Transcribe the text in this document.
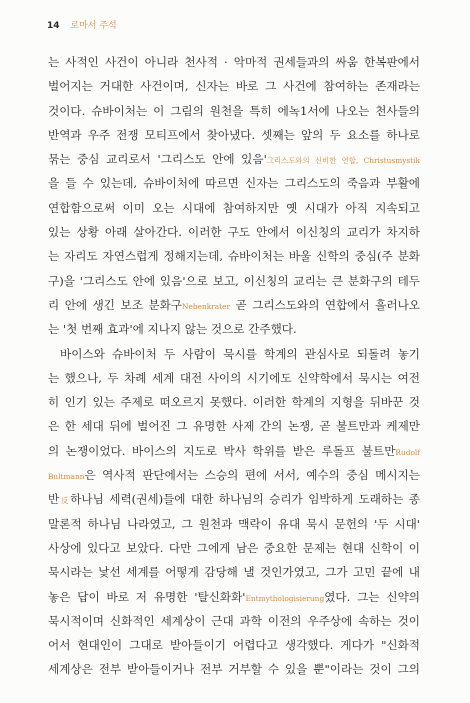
14 로마서 주석
는 사적인 사건이 아니라 천사적 · 악마적 권세들과의 싸움 한복판에서
벌어지는 거대한 사건이며, 신자는 바로 그 사건에 참여하는 존재라는
것이다. 슈바이처는 이 그림의 원천을 특히 에녹1서에 나오는 천사들의
반역과 우주 전쟁 모티프에서 찾아냈다. 셋째는 앞의 두 요소를 하나로
묶는 중심 교리로서 '그리스도 안에 있음'그리스도와의 신비한 연합, Christusmystik
을 들 수 있는데, 슈바이처에 따르면 신자는 그리스도의 죽음과 부활에
연합함으로써 이미 오는 시대에 참여하지만 옛 시대가 아직 지속되고
있는 상황 아래 살아간다. 이러한 구도 안에서 이신칭의 교리가 차지하
는 자리도 자연스럽게 정해지는데, 슈바이처는 바울 신학의 중심(주 분화
구)을 '그리스도 안에 있음'으로 보고, 이신칭의 교리는 큰 분화구의 테두
리 안에 생긴 보조 분화구Nebenkrater 곧 그리스도와의 연합에서 흘러나오
는 '첫 번째 효과'에 지나지 않는 것으로 간주했다.
바이스와 슈바이처 두 사람이 묵시를 학계의 관심사로 되돌려 놓기
는 했으나, 두 차례 세계 대전 사이의 시기에도 신약학에서 묵시는 여전
히 인기 있는 주제로 떠오르지 못했다. 이러한 학계의 지형을 뒤바꾼 것
은 한 세대 뒤에 벌어진 그 유명한 사제 간의 논쟁, 곧 불트만과 케제만
의 논쟁이었다. 바이스의 지도로 박사 학위를 받은 루돌프 불트만Rudolf
Bultmann은 역사적 판단에서는 스승의 편에 서서, 예수의 중심 메시지는
반反하나님 세력(권세)들에 대한 하나님의 승리가 임박하게 도래하는 종
말론적 하나님 나라였고, 그 원천과 맥락이 유대 묵시 문헌의 '두 시대'
사상에 있다고 보았다. 다만 그에게 남은 중요한 문제는 현대 신학이 이
묵시라는 낯선 세계를 어떻게 감당해 낼 것인가였고, 그가 고민 끝에 내
놓은 답이 바로 저 유명한 '탈신화화'Entmythologisierung였다. 그는 신약의
묵시적이며 신화적인 세계상이 근대 과학 이전의 우주상에 속하는 것이
어서 현대인이 그대로 받아들이기 어렵다고 생각했다. 게다가 "신화적
세계상은 전부 받아들이거나 전부 거부할 수 있을 뿐"이라는 것이 그의
